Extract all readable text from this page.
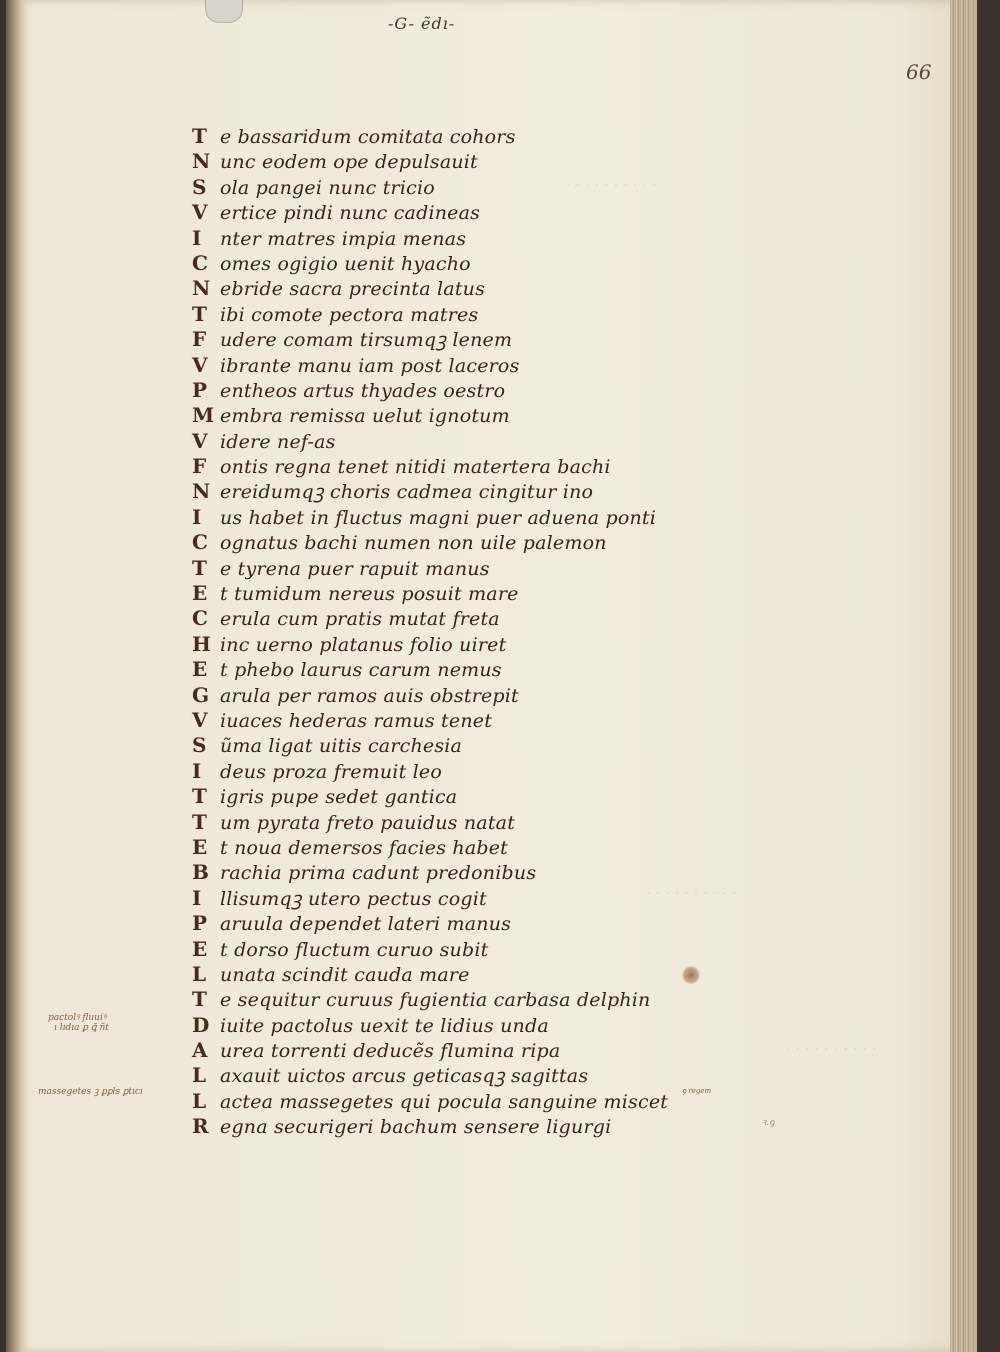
· · · · · · · · · ·
· · · · · · · · · ·
· · · · · · · · · ·
-G- ẽdı-
66
T e bassaridum comitata cohors
N unc eodem ope depulsauit
S ola pangei nunc tricio
V ertice pindi nunc cadineas
I nter matres impia menas
C omes ogigio uenit hyacho
N ebride sacra precinta latus
T ibi comote pectora matres
F udere comam tirsumqꝫ lenem
V ibrante manu iam post laceros
P entheos artus thyades oestro
M embra remissa uelut ignotum
V idere nef-as
F ontis regna tenet nitidi matertera bachi
N ereidumqꝫ choris cadmea cingitur ino
I us habet in fluctus magni puer aduena ponti
C ognatus bachi numen non uile palemon
T e tyrena puer rapuit manus
E t tumidum nereus posuit mare
C erula cum pratis mutat freta
H inc uerno platanus folio uiret
E t phebo laurus carum nemus
G arula per ramos auis obstrepit
V iuaces hederas ramus tenet
S ũma ligat uitis carchesia
I deus proza fremuit leo
T igris pupe sedet gantica
T um pyrata freto pauidus natat
E t noua demersos facies habet
B rachia prima cadunt predonibus
I llisumqꝫ utero pectus cogit
P aruula dependet lateri manus
E t dorso fluctum curuo subit
L unata scindit cauda mare
T e sequitur curuus fugientia carbasa delphin
D iuite pactolus uexit te lidius unda
A urea torrenti deducẽs flumina ripa
L axauit uictos arcus geticasqꝫ sagittas
L actea massegetes qui pocula sanguine miscet
R egna securigeri bachum sensere ligurgi
pactolꝰ fluuiꝰ
ı lıdıa ꝑ ꝗ̃ ñt
massegetes ꝫ ꝑꝑls ꝑtıcı	ꝯ regem
ꝛ.ꝯ
